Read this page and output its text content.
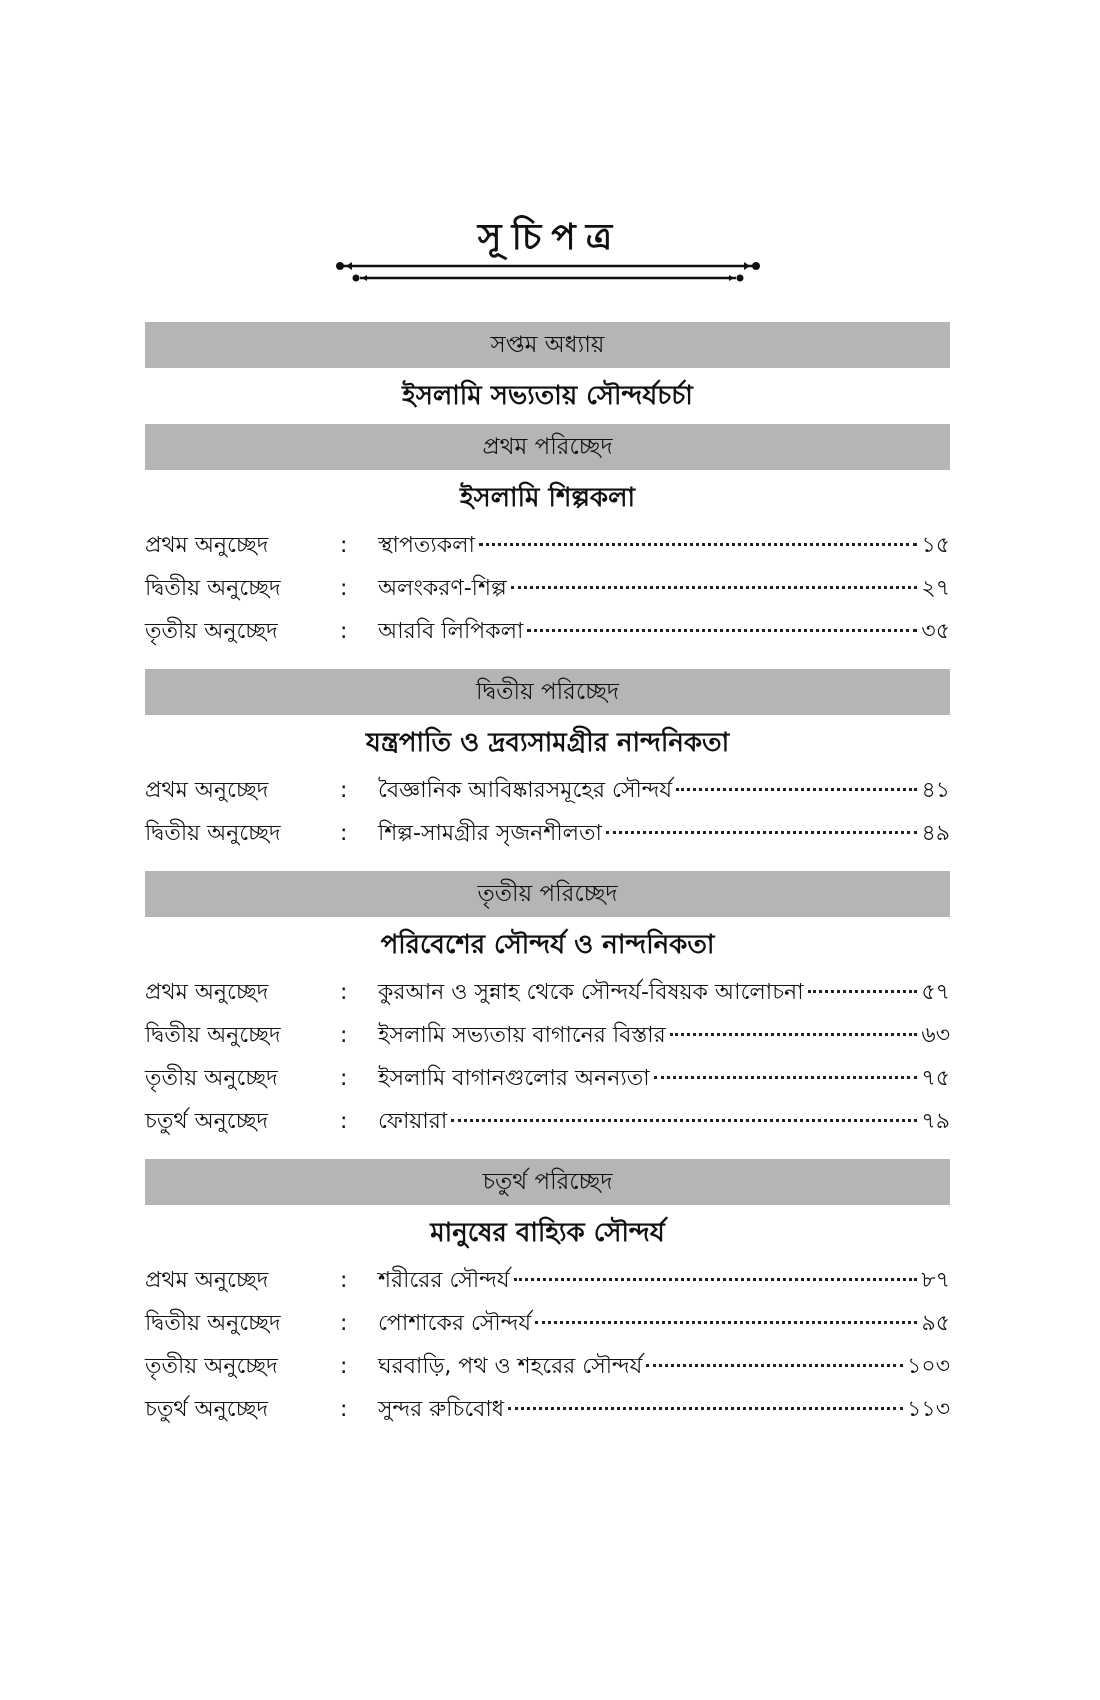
সূচিপত্র
সপ্তম অধ্যায়
ইসলামি সভ্যতায় সৌন্দর্যচর্চা
প্রথম পরিচ্ছেদ
ইসলামি শিল্পকলা
প্রথম অনুচ্ছেদ	:	স্থাপত্যকলা	১৫
দ্বিতীয় অনুচ্ছেদ	:	অলংকরণ-শিল্প	২৭
তৃতীয় অনুচ্ছেদ	:	আরবি লিপিকলা	৩৫
দ্বিতীয় পরিচ্ছেদ
যন্ত্রপাতি ও দ্রব্যসামগ্রীর নান্দনিকতা
প্রথম অনুচ্ছেদ	:	বৈজ্ঞানিক আবিষ্কারসমূহের সৌন্দর্য	৪১
দ্বিতীয় অনুচ্ছেদ	:	শিল্প-সামগ্রীর সৃজনশীলতা	৪৯
তৃতীয় পরিচ্ছেদ
পরিবেশের সৌন্দর্য ও নান্দনিকতা
প্রথম অনুচ্ছেদ	:	কুরআন ও সুন্নাহ থেকে সৌন্দর্য-বিষয়ক আলোচনা	৫৭
দ্বিতীয় অনুচ্ছেদ	:	ইসলামি সভ্যতায় বাগানের বিস্তার	৬৩
তৃতীয় অনুচ্ছেদ	:	ইসলামি বাগানগুলোর অনন্যতা	৭৫
চতুর্থ অনুচ্ছেদ	:	ফোয়ারা	৭৯
চতুর্থ পরিচ্ছেদ
মানুষের বাহ্যিক সৌন্দর্য
প্রথম অনুচ্ছেদ	:	শরীরের সৌন্দর্য	৮৭
দ্বিতীয় অনুচ্ছেদ	:	পোশাকের সৌন্দর্য	৯৫
তৃতীয় অনুচ্ছেদ	:	ঘরবাড়ি, পথ ও শহরের সৌন্দর্য	১০৩
চতুর্থ অনুচ্ছেদ	:	সুন্দর রুচিবোধ	১১৩
